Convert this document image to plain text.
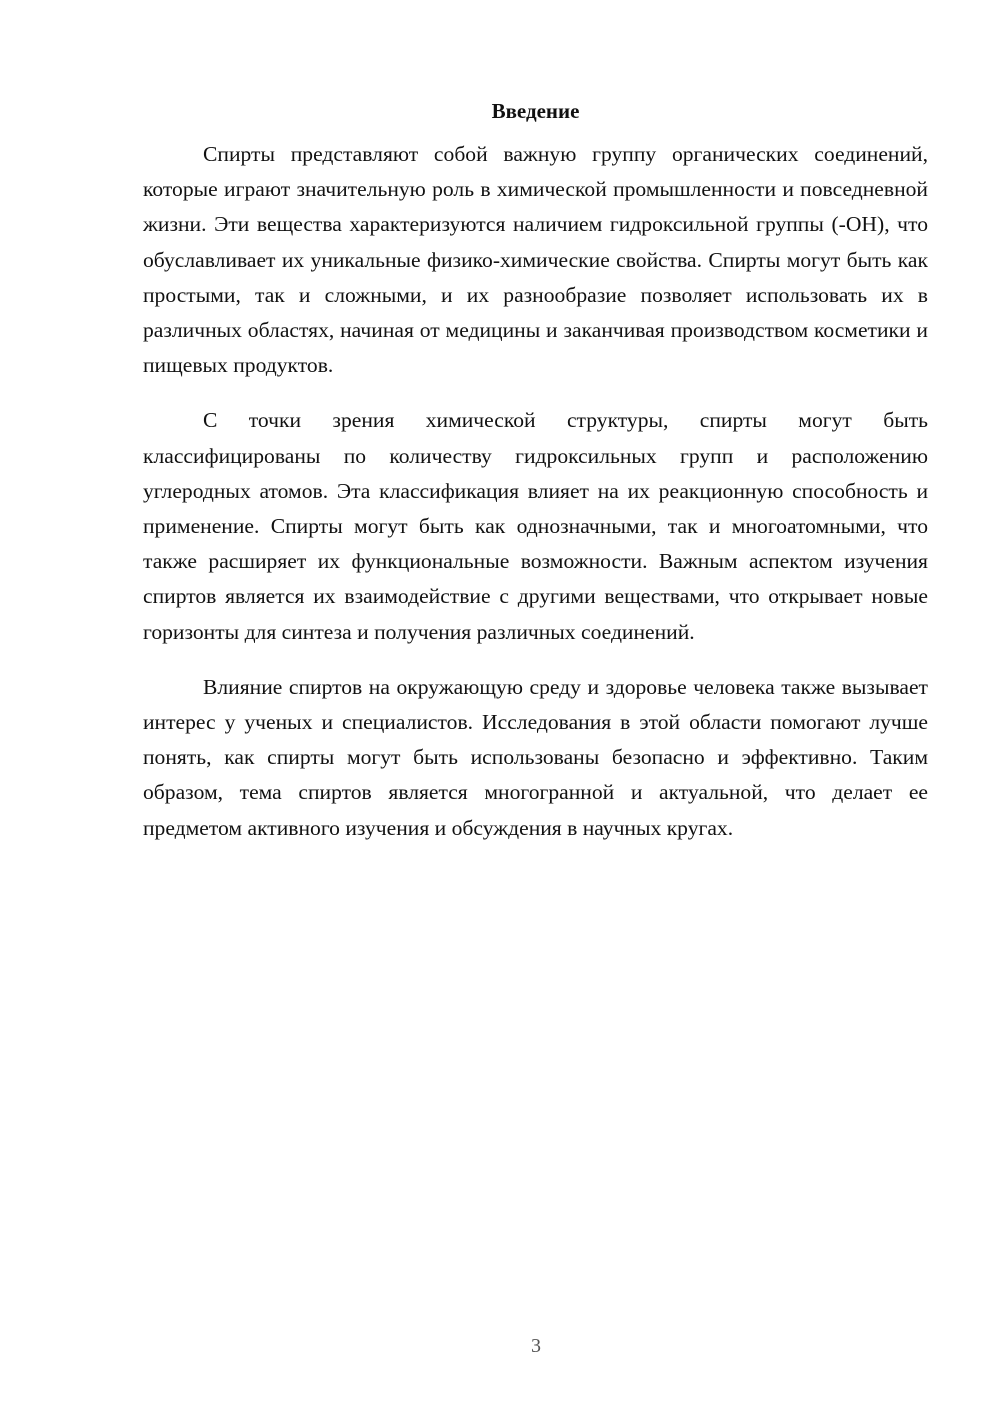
Введение

Спирты представляют собой важную группу органических соединений, которые играют значительную роль в химической промышленности и повседневной жизни. Эти вещества характеризуются наличием гидроксильной группы (-OH), что обуславливает их уникальные физико-химические свойства. Спирты могут быть как простыми, так и сложными, и их разнообразие позволяет использовать их в различных областях, начиная от медицины и заканчивая производством косметики и пищевых продуктов.

С точки зрения химической структуры, спирты могут быть классифицированы по количеству гидроксильных групп и расположению углеродных атомов. Эта классификация влияет на их реакционную способность и применение. Спирты могут быть как однозначными, так и многоатомными, что также расширяет их функциональные возможности. Важным аспектом изучения спиртов является их взаимодействие с другими веществами, что открывает новые горизонты для синтеза и получения различных соединений.

Влияние спиртов на окружающую среду и здоровье человека также вызывает интерес у ученых и специалистов. Исследования в этой области помогают лучше понять, как спирты могут быть использованы безопасно и эффективно. Таким образом, тема спиртов является многогранной и актуальной, что делает ее предметом активного изучения и обсуждения в научных кругах.

3
